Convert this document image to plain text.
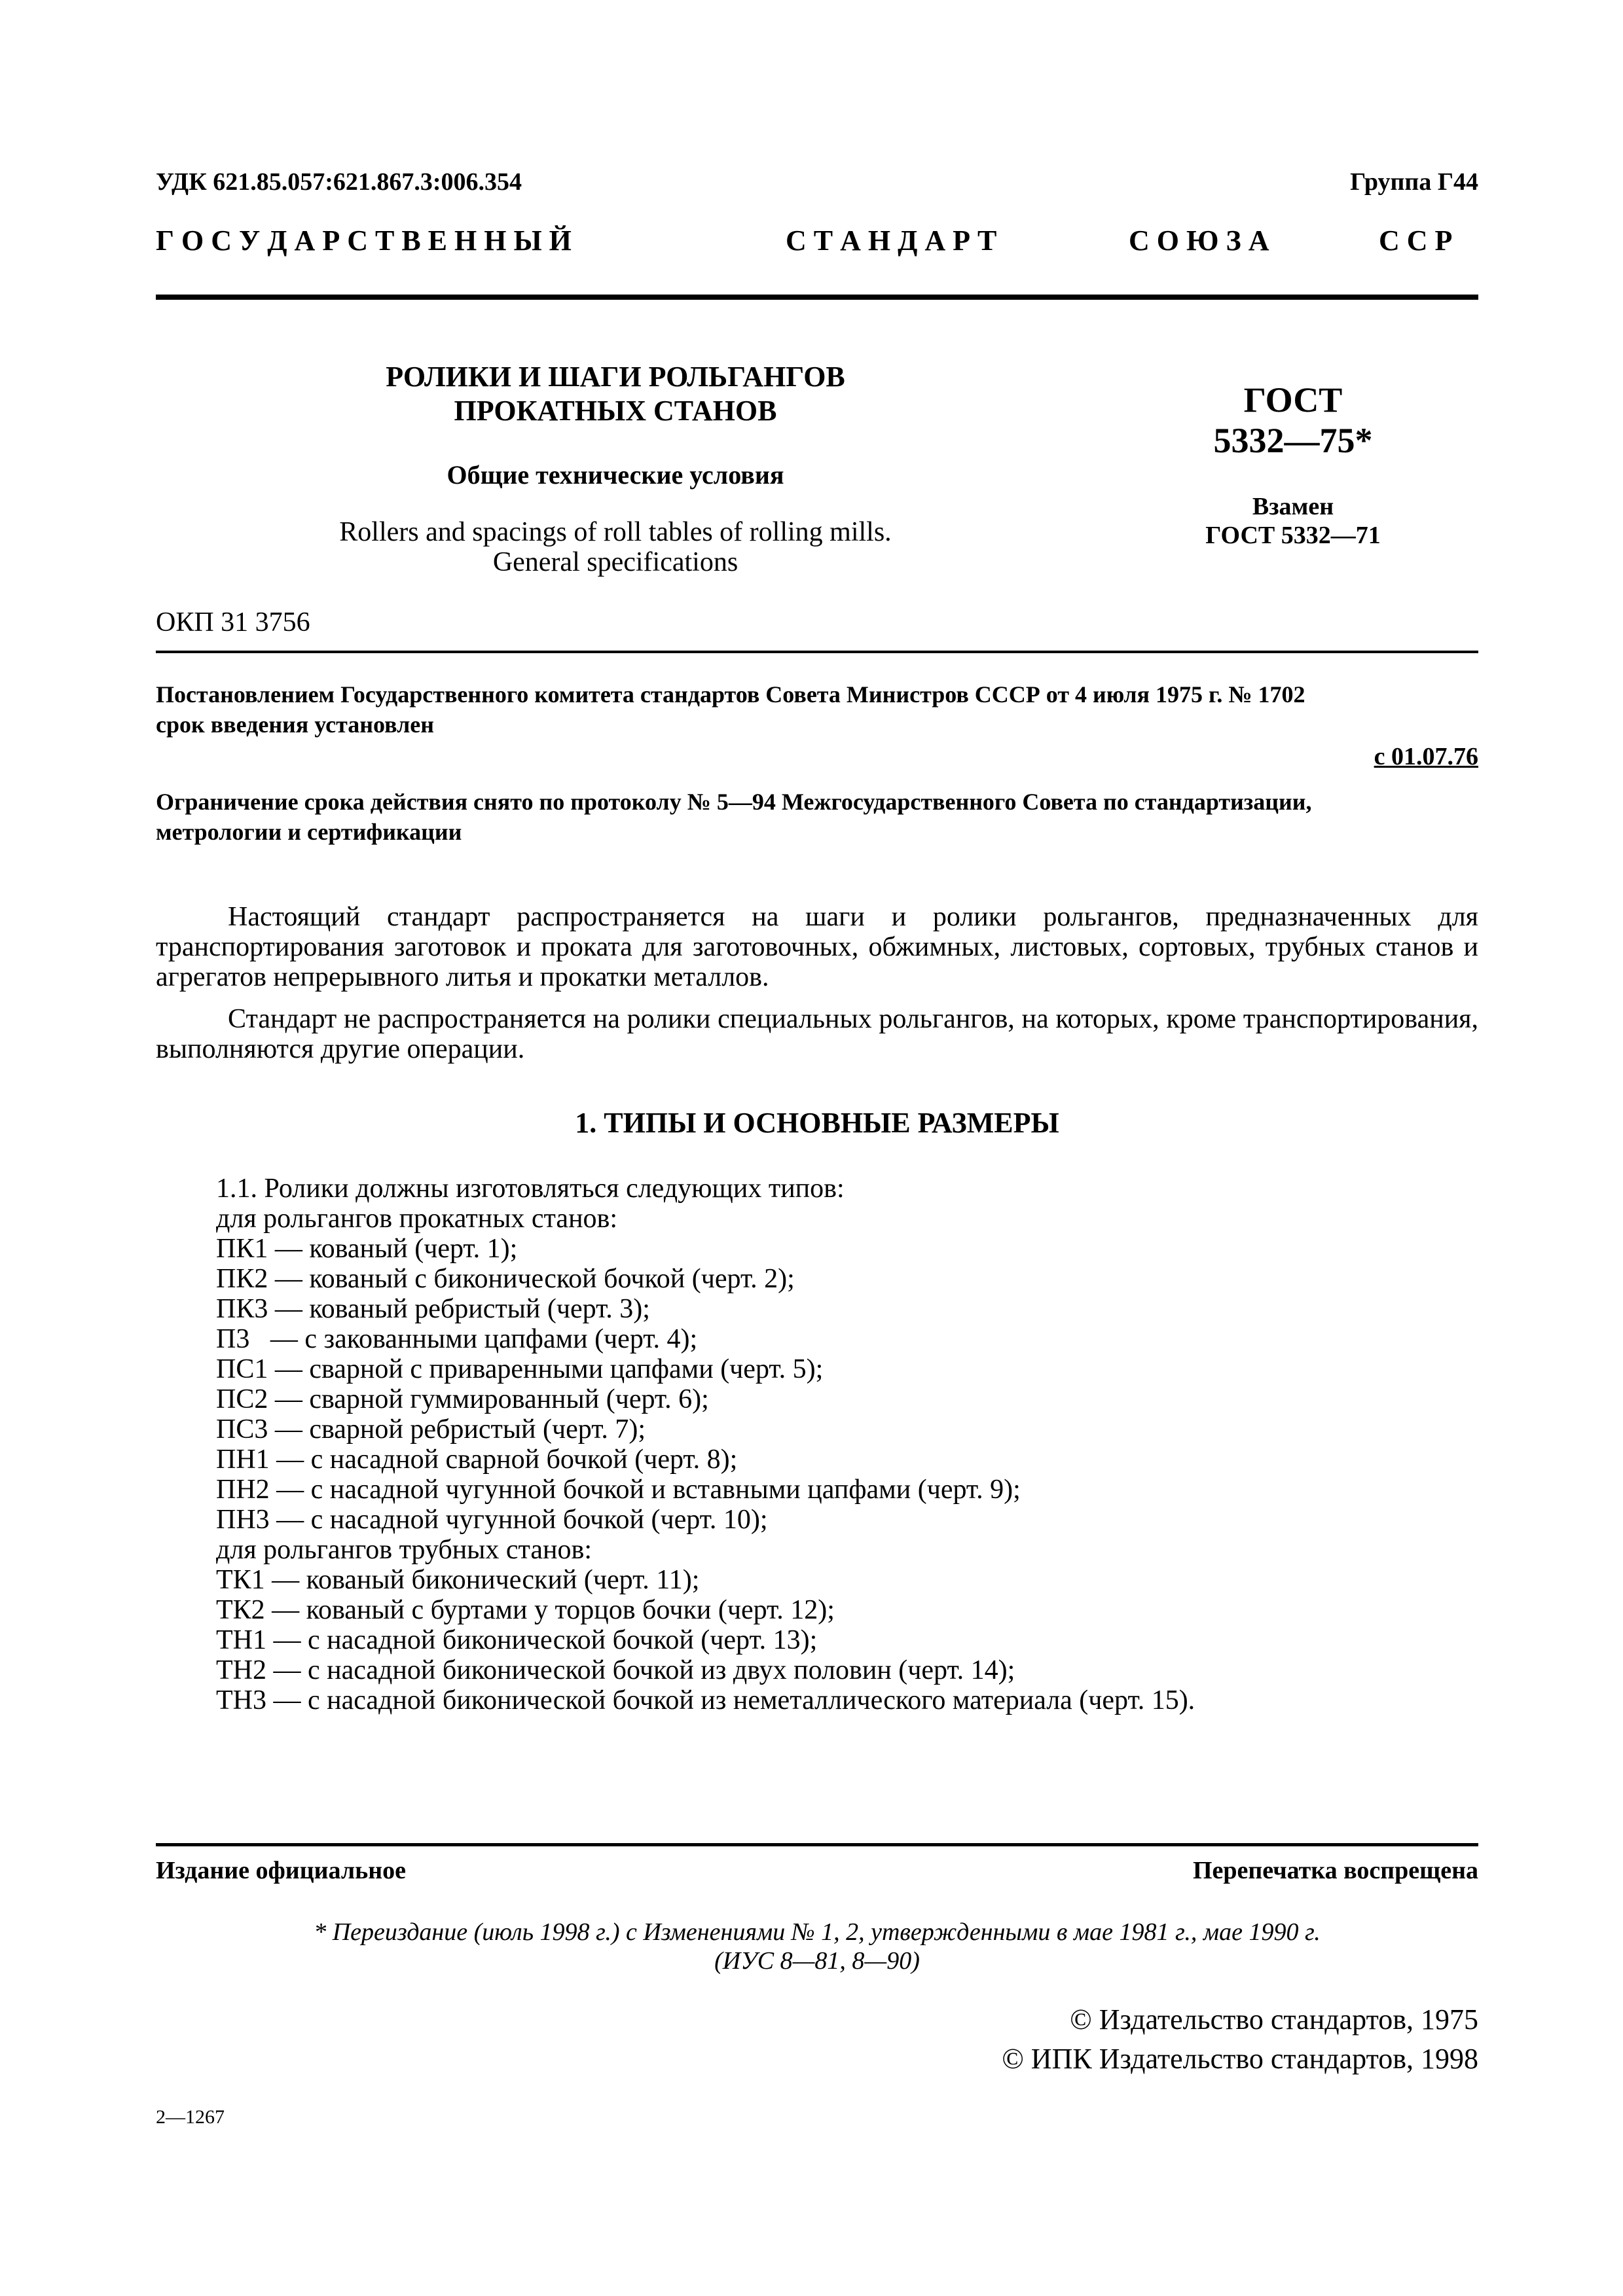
УДК 621.85.057:621.867.3:006.354	Группа Г44
Г О С У Д А Р С Т В Е Н Н Ы Й	С Т А Н Д А Р Т	С О Ю З А	С С Р
РОЛИКИ И ШАГИ РОЛЬГАНГОВ
ПРОКАТНЫХ СТАНОВ
Общие технические условия
Rollers and spacings of roll tables of rolling mills.
General specifications
ГОСТ
5332—75*
Взамен
ГОСТ 5332—71
ОКП 31 3756
Постановлением Государственного комитета стандартов Совета Министров СССР от 4 июля 1975 г. № 1702
срок введения установлен
с 01.07.76
Ограничение срока действия снято по протоколу № 5—94 Межгосударственного Совета по стандартизации,
метрологии и сертификации

Настоящий стандарт распространяется на шаги и ролики рольгангов, предназначенных для транспортирования заготовок и проката для заготовочных, обжимных, листовых, сортовых, трубных станов и агрегатов непрерывного литья и прокатки металлов.

Стандарт не распространяется на ролики специальных рольгангов, на которых, кроме транспортирования, выполняются другие операции.

1. ТИПЫ И ОСНОВНЫЕ РАЗМЕРЫ
1.1. Ролики должны изготовляться следующих типов:
для рольгангов прокатных станов:
ПК1 — кованый (черт. 1);
ПК2 — кованый с биконической бочкой (черт. 2);
ПК3 — кованый ребристый (черт. 3);
П3   — с закованными цапфами (черт. 4);
ПС1 — сварной с приваренными цапфами (черт. 5);
ПС2 — сварной гуммированный (черт. 6);
ПС3 — сварной ребристый (черт. 7);
ПН1 — с насадной сварной бочкой (черт. 8);
ПН2 — с насадной чугунной бочкой и вставными цапфами (черт. 9);
ПН3 — с насадной чугунной бочкой (черт. 10);
для рольгангов трубных станов:
ТК1 — кованый биконический (черт. 11);
ТК2 — кованый с буртами у торцов бочки (черт. 12);
ТН1 — с насадной биконической бочкой (черт. 13);
ТН2 — с насадной биконической бочкой из двух половин (черт. 14);
ТН3 — с насадной биконической бочкой из неметаллического материала (черт. 15).
Издание официальное	Перепечатка воспрещена
* Переиздание (июль 1998 г.) с Изменениями № 1, 2, утвержденными в мае 1981 г., мае 1990 г.
(ИУС 8—81, 8—90)
© Издательство стандартов, 1975
© ИПК Издательство стандартов, 1998
2—1267
